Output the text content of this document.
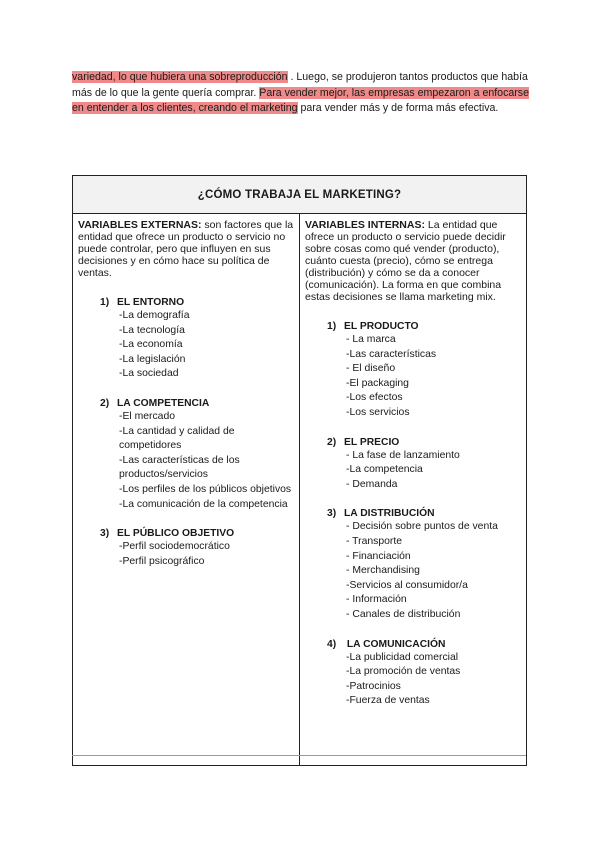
variedad, lo que hubiera una sobreproducción . Luego, se produjeron tantos productos que había más de lo que la gente quería comprar. Para vender mejor, las empresas empezaron a enfocarse en entender a los clientes, creando el marketing para vender más y de forma más efectiva.
¿CÓMO TRABAJA EL MARKETING?

VARIABLES EXTERNAS: son factores que la entidad que ofrece un producto o servicio no puede controlar, pero que influyen en sus decisiones y en cómo hace su política de ventas.
1) EL ENTORNO
-La demografía
-La tecnología
-La economía
-La legislación
-La sociedad
2) LA COMPETENCIA
-El mercado
-La cantidad y calidad de competidores
-Las características de los productos/servicios
-Los perfiles de los públicos objetivos
-La comunicación de la competencia
3) EL PÚBLICO OBJETIVO
-Perfil sociodemocrático
-Perfil psicográfico

VARIABLES INTERNAS: La entidad que ofrece un producto o servicio puede decidir sobre cosas como qué vender (producto), cuánto cuesta (precio), cómo se entrega (distribución) y cómo se da a conocer (comunicación). La forma en que combina estas decisiones se llama marketing mix.
1) EL PRODUCTO
- La marca
-Las características
- El diseño
-El packaging
-Los efectos
-Los servicios
2) EL PRECIO
- La fase de lanzamiento
-La competencia
- Demanda
3) LA DISTRIBUCIÓN
- Decisión sobre puntos de venta
- Transporte
- Financiación
- Merchandising
-Servicios al consumidor/a
- Información
- Canales de distribución
4) LA COMUNICACIÓN
-La publicidad comercial
-La promoción de ventas
-Patrocinios
-Fuerza de ventas
